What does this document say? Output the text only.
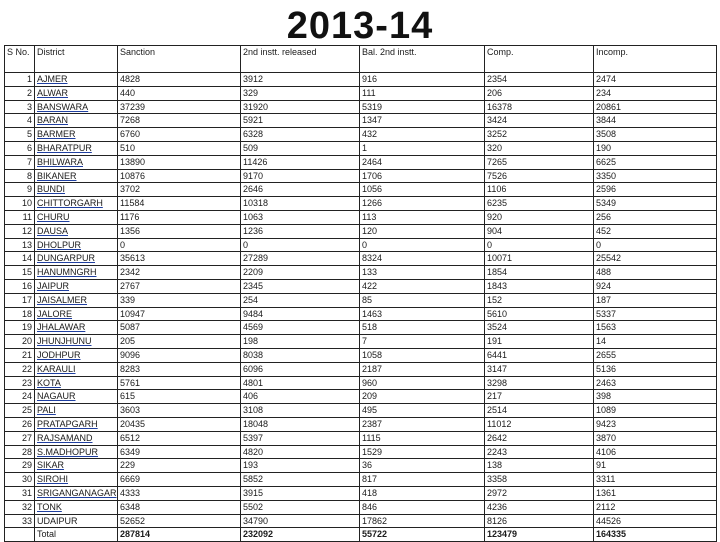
2013-14
S No.	District	Sanction	2nd instt. released	Bal. 2nd instt.	Comp.	Incomp.
1	AJMER	4828	3912	916	2354	2474
2	ALWAR	440	329	111	206	234
3	BANSWARA	37239	31920	5319	16378	20861
4	BARAN	7268	5921	1347	3424	3844
5	BARMER	6760	6328	432	3252	3508
6	BHARATPUR	510	509	1	320	190
7	BHILWARA	13890	11426	2464	7265	6625
8	BIKANER	10876	9170	1706	7526	3350
9	BUNDI	3702	2646	1056	1106	2596
10	CHITTORGARH	11584	10318	1266	6235	5349
11	CHURU	1176	1063	113	920	256
12	DAUSA	1356	1236	120	904	452
13	DHOLPUR	0	0	0	0	0
14	DUNGARPUR	35613	27289	8324	10071	25542
15	HANUMNGRH	2342	2209	133	1854	488
16	JAIPUR	2767	2345	422	1843	924
17	JAISALMER	339	254	85	152	187
18	JALORE	10947	9484	1463	5610	5337
19	JHALAWAR	5087	4569	518	3524	1563
20	JHUNJHUNU	205	198	7	191	14
21	JODHPUR	9096	8038	1058	6441	2655
22	KARAULI	8283	6096	2187	3147	5136
23	KOTA	5761	4801	960	3298	2463
24	NAGAUR	615	406	209	217	398
25	PALI	3603	3108	495	2514	1089
26	PRATAPGARH	20435	18048	2387	11012	9423
27	RAJSAMAND	6512	5397	1115	2642	3870
28	S.MADHOPUR	6349	4820	1529	2243	4106
29	SIKAR	229	193	36	138	91
30	SIROHI	6669	5852	817	3358	3311
31	SRIGANGANAGAR	4333	3915	418	2972	1361
32	TONK	6348	5502	846	4236	2112
33	UDAIPUR	52652	34790	17862	8126	44526
	Total	287814	232092	55722	123479	164335
